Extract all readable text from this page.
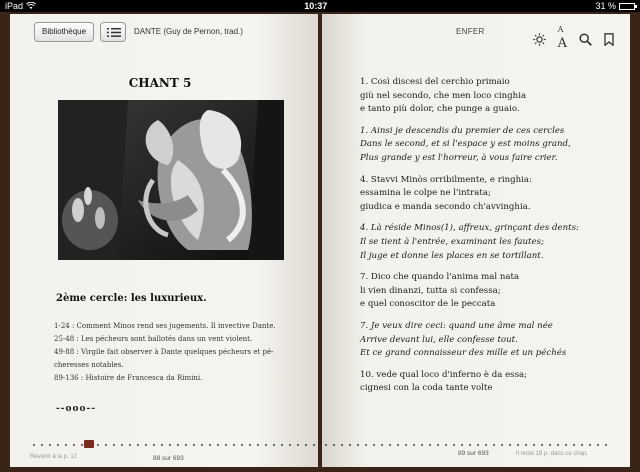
iPad	10:37	31 %
Bibliothèque	DANTE (Guy de Pernon, trad.)
CHANT 5
2ème cercle: les luxurieux.

1-24 : Comment Minos rend ses jugements. Il invective Dante.

25-48 : Les pécheurs sont ballotés dans un vent violent.

49-88 : Virgile fait observer à Dante quelques pécheurs et pé-

cheresses notables.

89-136 : Histoire de Francesca da Rimini.

--ooo--
Revenir à la p. 12	88 sur 693
ENFER	A
A

1. Così discesi del cerchio primaio

giù nel secondo, che men loco cinghia

e tanto più dolor, che punge a guaio.

1. Ainsi je descendis du premier de ces cercles

Dans le second, et si l'espace y est moins grand,

Plus grande y est l'horreur, à vous faire crier.

4. Stavvi Minòs orribilmente, e ringhia:

essamina le colpe ne l'intrata;

giudica e manda secondo ch'avvinghia.

4. Là réside Minos(1), affreux, grinçant des dents:

Il se tient à l'entrée, examinant les fautes;

Il juge et donne les places en se tortillant.

7. Dico che quando l'anima mal nata

li vien dinanzi, tutta si confessa;

e quel conoscitor de le peccata

7. Je veux dire ceci: quand une âme mal née

Arrive devant lui, elle confesse tout.

Et ce grand connaisseur des mille et un péchés

10. vede qual loco d'inferno è da essa;

cignesi con la coda tante volte

89 sur 693	Il reste 18 p. dans ce chap.
